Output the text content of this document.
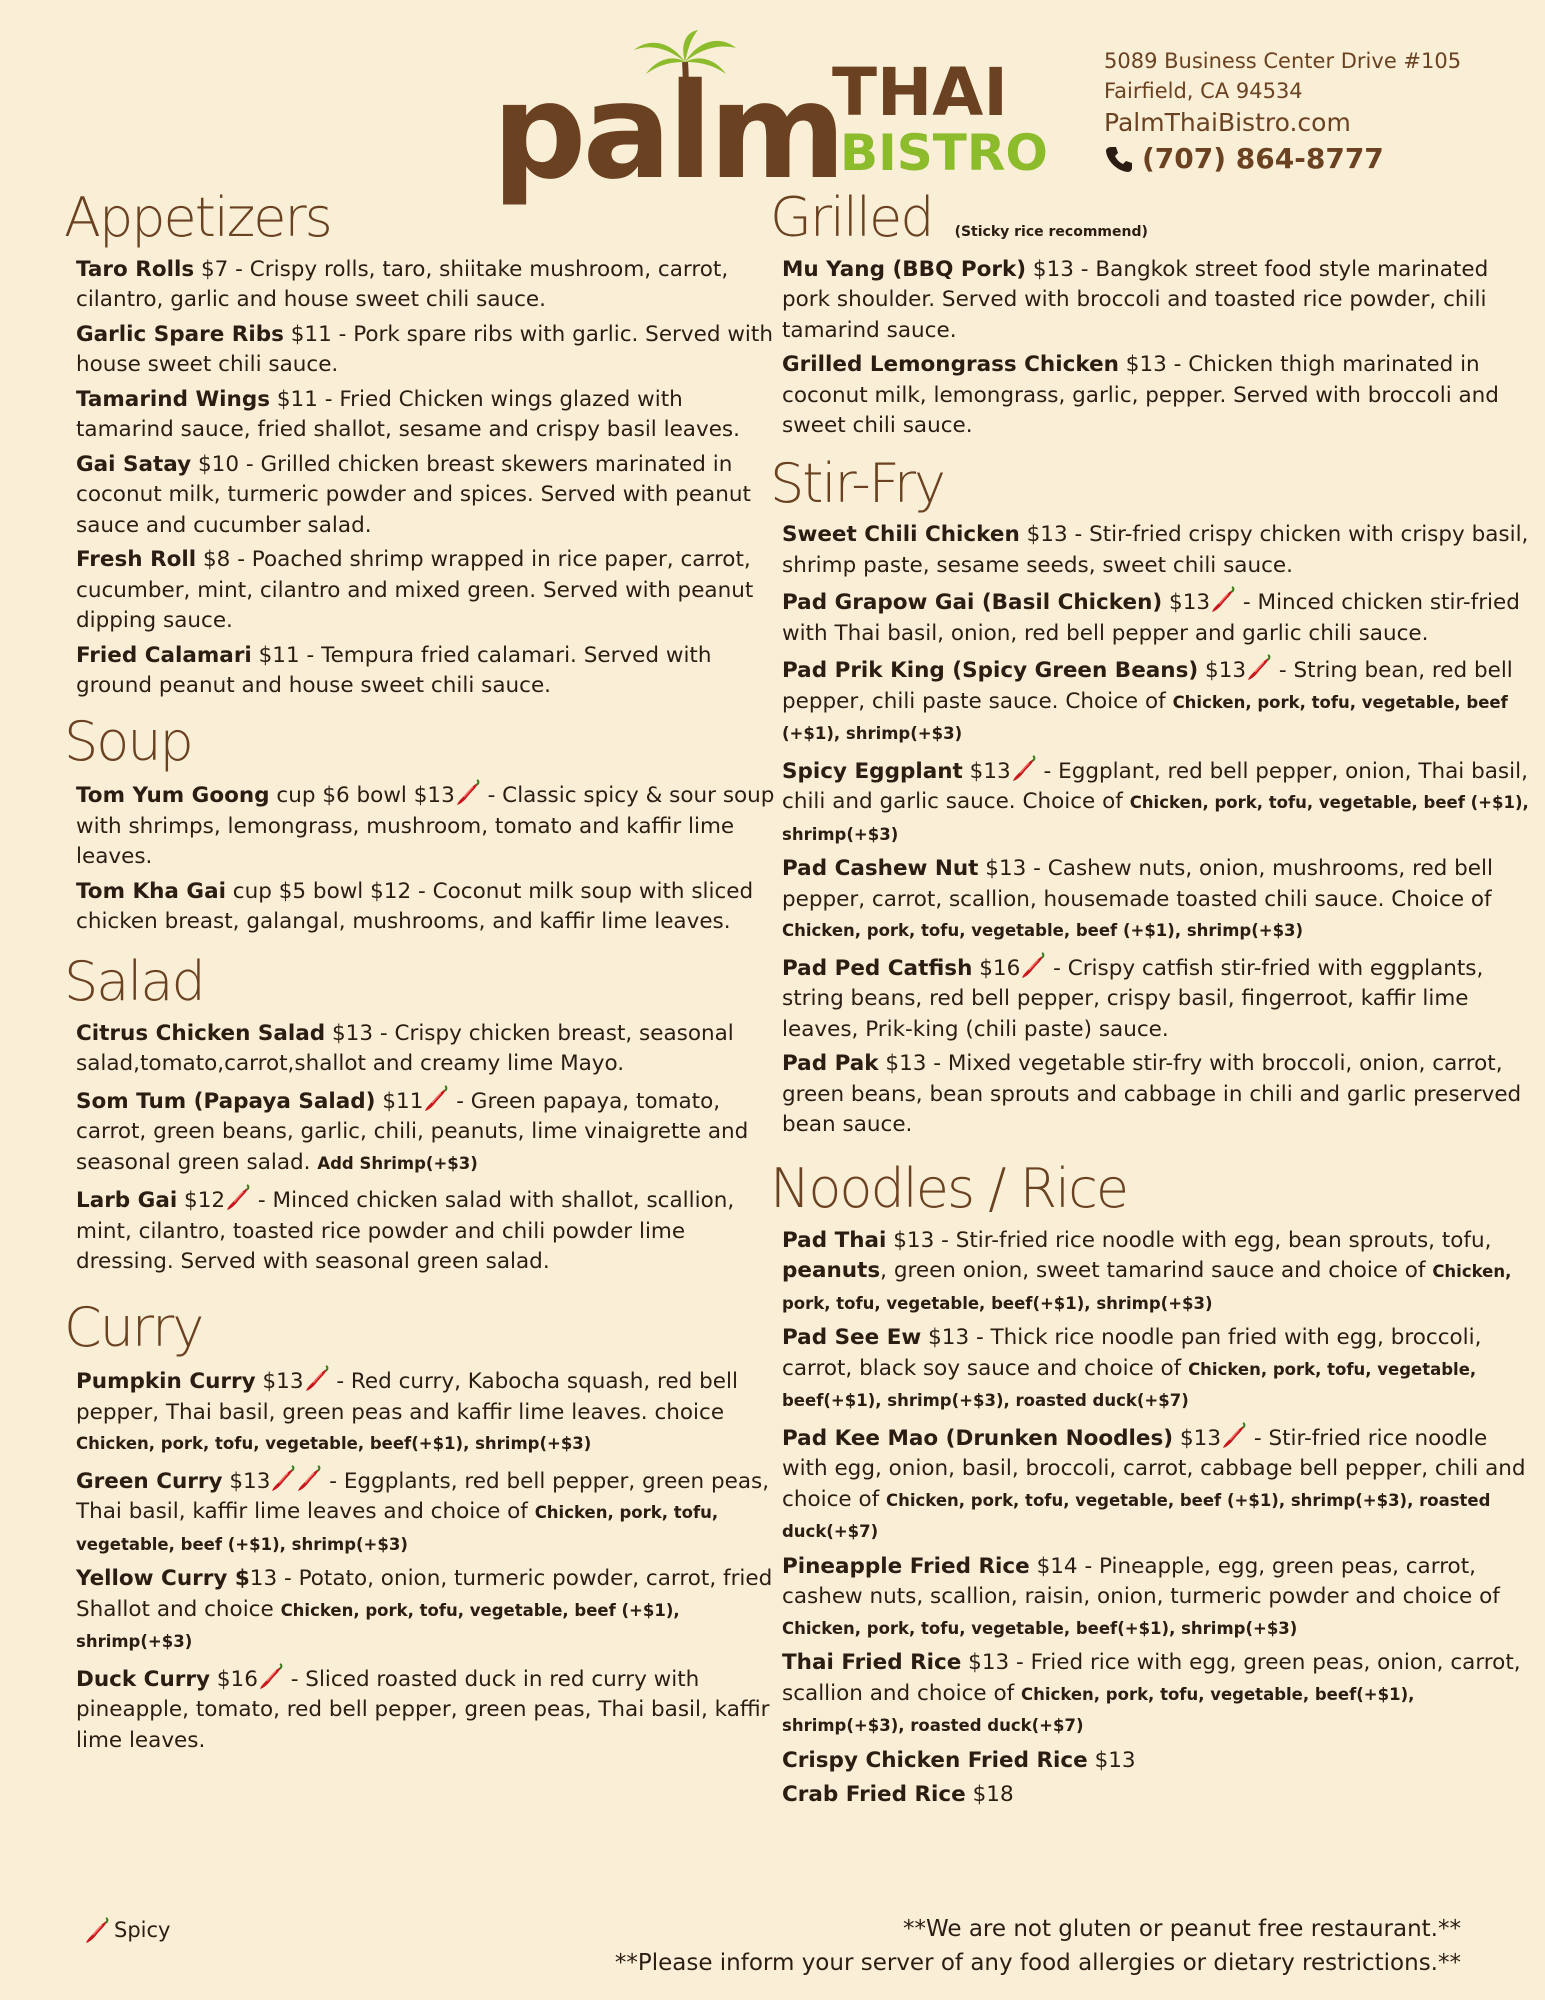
palm
THAI
BISTRO
5089 Business Center Drive #105
Fairfield, CA 94534
PalmThaiBistro.com
(707) 864-8777
Appetizers
Taro Rolls $7 - Crispy rolls, taro, shiitake mushroom, carrot, cilantro, garlic and house sweet chili sauce.
Garlic Spare Ribs $11 - Pork spare ribs with garlic. Served with house sweet chili sauce.
Tamarind Wings $11 - Fried Chicken wings glazed with tamarind sauce, fried shallot, sesame and crispy basil leaves.
Gai Satay $10 - Grilled chicken breast skewers marinated in coconut milk, turmeric powder and spices. Served with peanut sauce and cucumber salad.
Fresh Roll $8 - Poached shrimp wrapped in rice paper, carrot, cucumber, mint, cilantro and mixed green. Served with peanut dipping sauce.
Fried Calamari $11 - Tempura fried calamari. Served with ground peanut and house sweet chili sauce.
Soup
Tom Yum Goong cup $6 bowl $13 - Classic spicy & sour soup with shrimps, lemongrass, mushroom, tomato and kaffir lime leaves.
Tom Kha Gai cup $5 bowl $12 - Coconut milk soup with sliced chicken breast, galangal, mushrooms, and kaffir lime leaves.
Salad
Citrus Chicken Salad $13 - Crispy chicken breast, seasonal salad,tomato,carrot,shallot and creamy lime Mayo.
Som Tum (Papaya Salad) $11 - Green papaya, tomato, carrot, green beans, garlic, chili, peanuts, lime vinaigrette and seasonal green salad. Add Shrimp(+$3)
Larb Gai $12 - Minced chicken salad with shallot, scallion, mint, cilantro, toasted rice powder and chili powder lime dressing. Served with seasonal green salad.
Curry
Pumpkin Curry $13 - Red curry, Kabocha squash, red bell pepper, Thai basil, green peas and kaffir lime leaves. choice Chicken, pork, tofu, vegetable, beef(+$1), shrimp(+$3)
Green Curry $13 - Eggplants, red bell pepper, green peas, Thai basil, kaffir lime leaves and choice of Chicken, pork, tofu, vegetable, beef (+$1), shrimp(+$3)
Yellow Curry $13 - Potato, onion, turmeric powder, carrot, fried Shallot and choice Chicken, pork, tofu, vegetable, beef (+$1), shrimp(+$3)
Duck Curry $16 - Sliced roasted duck in red curry with pineapple, tomato, red bell pepper, green peas, Thai basil, kaffir lime leaves.
Grilled (Sticky rice recommend)
Mu Yang (BBQ Pork) $13 - Bangkok street food style marinated pork shoulder. Served with broccoli and toasted rice powder, chili tamarind sauce.
Grilled Lemongrass Chicken $13 - Chicken thigh marinated in coconut milk, lemongrass, garlic, pepper. Served with broccoli and sweet chili sauce.
Stir-Fry
Sweet Chili Chicken $13 - Stir-fried crispy chicken with crispy basil, shrimp paste, sesame seeds, sweet chili sauce.
Pad Grapow Gai (Basil Chicken) $13 - Minced chicken stir-fried with Thai basil, onion, red bell pepper and garlic chili sauce.
Pad Prik King (Spicy Green Beans) $13 - String bean, red bell pepper, chili paste sauce. Choice of Chicken, pork, tofu, vegetable, beef (+$1), shrimp(+$3)
Spicy Eggplant $13 - Eggplant, red bell pepper, onion, Thai basil, chili and garlic sauce. Choice of Chicken, pork, tofu, vegetable, beef (+$1), shrimp(+$3)
Pad Cashew Nut $13 - Cashew nuts, onion, mushrooms, red bell pepper, carrot, scallion, housemade toasted chili sauce. Choice of Chicken, pork, tofu, vegetable, beef (+$1), shrimp(+$3)
Pad Ped Catfish $16 - Crispy catfish stir-fried with eggplants, string beans, red bell pepper, crispy basil, fingerroot, kaffir lime leaves, Prik-king (chili paste) sauce.
Pad Pak $13 - Mixed vegetable stir-fry with broccoli, onion, carrot, green beans, bean sprouts and cabbage in chili and garlic preserved bean sauce.
Noodles / Rice
Pad Thai $13 - Stir-fried rice noodle with egg, bean sprouts, tofu, peanuts, green onion, sweet tamarind sauce and choice of Chicken, pork, tofu, vegetable, beef(+$1), shrimp(+$3)
Pad See Ew $13 - Thick rice noodle pan fried with egg, broccoli, carrot, black soy sauce and choice of Chicken, pork, tofu, vegetable, beef(+$1), shrimp(+$3), roasted duck(+$7)
Pad Kee Mao (Drunken Noodles) $13 - Stir-fried rice noodle with egg, onion, basil, broccoli, carrot, cabbage bell pepper, chili and choice of Chicken, pork, tofu, vegetable, beef (+$1), shrimp(+$3), roasted duck(+$7)
Pineapple Fried Rice $14 - Pineapple, egg, green peas, carrot, cashew nuts, scallion, raisin, onion, turmeric powder and choice of Chicken, pork, tofu, vegetable, beef(+$1), shrimp(+$3)
Thai Fried Rice $13 - Fried rice with egg, green peas, onion, carrot, scallion and choice of Chicken, pork, tofu, vegetable, beef(+$1), shrimp(+$3), roasted duck(+$7)
Crispy Chicken Fried Rice $13
Crab Fried Rice $18
Spicy	**We are not gluten or peanut free restaurant.**
**Please inform your server of any food allergies or dietary restrictions.**
